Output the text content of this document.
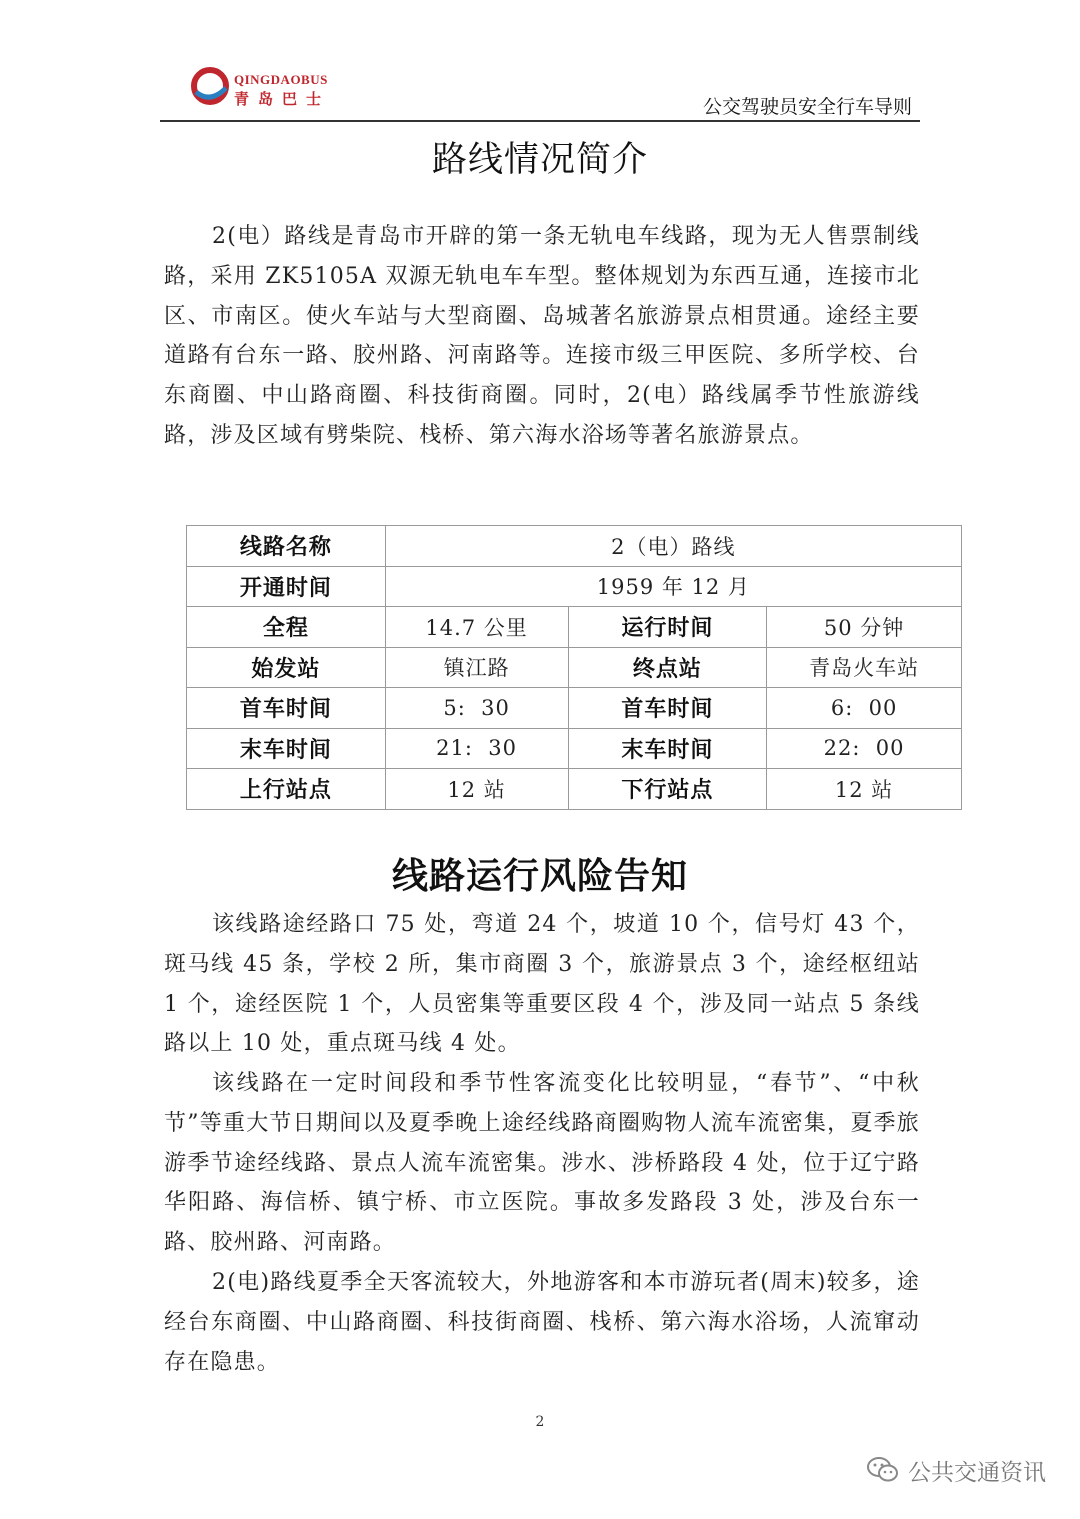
QINGDAOBUS
青岛巴士	公交驾驶员安全行车导则
路线情况简介
2(电）路线是青岛市开辟的第一条无轨电车线路，现为无人售票制线路，采用 ZK5105A 双源无轨电车车型。整体规划为东西互通，连接市北区、市南区。使火车站与大型商圈、岛城著名旅游景点相贯通。途经主要道路有台东一路、胶州路、河南路等。连接市级三甲医院、多所学校、台东商圈、中山路商圈、科技街商圈。同时，2(电）路线属季节性旅游线路，涉及区域有劈柴院、栈桥、第六海水浴场等著名旅游景点。
线路名称	2（电）路线		
开通时间	1959 年 12 月		
全程	14.7 公里	运行时间	50 分钟
始发站	镇江路	终点站	青岛火车站
首车时间	5:  30	首车时间	6:  00
末车时间	21:  30	末车时间	22:  00
上行站点	12 站	下行站点	12 站
线路运行风险告知
该线路途经路口 75 处，弯道 24 个，坡道 10 个，信号灯 43 个，斑马线 45 条，学校 2 所，集市商圈 3 个，旅游景点 3 个，途经枢纽站 1 个，途经医院 1 个，人员密集等重要区段 4 个，涉及同一站点 5 条线路以上 10 处，重点斑马线 4 处。
该线路在一定时间段和季节性客流变化比较明显，“春节”、“中秋节”等重大节日期间以及夏季晚上途经线路商圈购物人流车流密集，夏季旅游季节途经线路、景点人流车流密集。涉水、涉桥路段 4 处，位于辽宁路华阳路、海信桥、镇宁桥、市立医院。事故多发路段 3 处，涉及台东一路、胶州路、河南路。
2(电)路线夏季全天客流较大，外地游客和本市游玩者(周末)较多，途经台东商圈、中山路商圈、科技街商圈、栈桥、第六海水浴场，人流窜动存在隐患。
2
公共交通资讯
